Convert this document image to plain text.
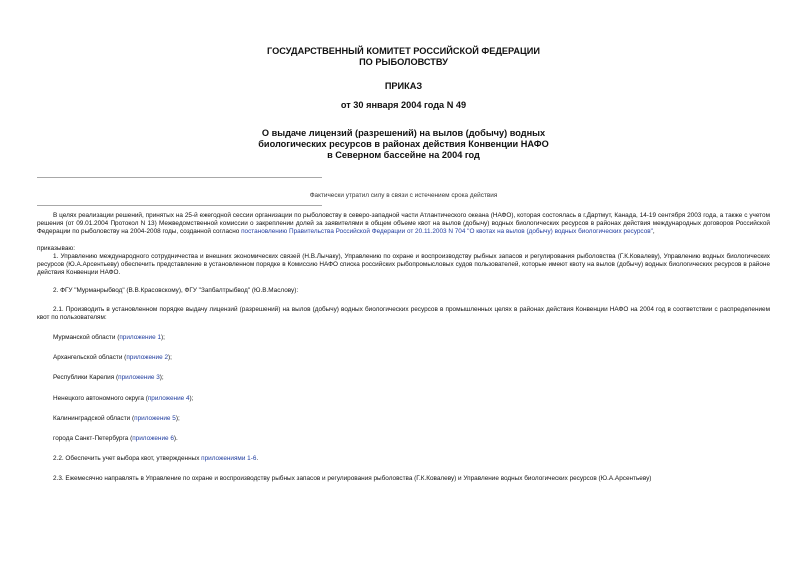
ГОСУДАРСТВЕННЫЙ КОМИТЕТ РОССИЙСКОЙ ФЕДЕРАЦИИ
ПО РЫБОЛОВСТВУ
ПРИКАЗ
от 30 января 2004 года N 49
О выдаче лицензий (разрешений) на вылов (добычу) водных
биологических ресурсов в районах действия Конвенции НАФО
в Северном бассейне на 2004 год
Фактически утратил силу в связи с истечением срока действия

В целях реализации решений, принятых на 25-й ежегодной сессии организации по рыболовству в северо-западной части Атлантического океана (НАФО), которая состоялась в г.Дартмут, Канада, 14-19 сентября 2003 года, а также с учетом решения (от 09.01.2004 Протокол N 13) Межведомственной комиссии о закреплении долей за заявителями в общем объеме квот на вылов (добычу) водных биологических ресурсов в районах действия международных договоров Российской Федерации по рыболовству на 2004-2008 годы, созданной согласно постановлению Правительства Российской Федерации от 20.11.2003 N 704 "О квотах на вылов (добычу) водных биологических ресурсов",

приказываю:

1. Управлению международного сотрудничества и внешних экономических связей (Н.В.Лычаку), Управлению по охране и воспроизводству рыбных запасов и регулирования рыболовства (Г.К.Ковалеву), Управлению водных биологических ресурсов (Ю.А.Арсентьеву) обеспечить представление в установленном порядке в Комиссию НАФО списка российских рыбопромысловых судов пользователей, которые имеют квоту на вылов (добычу) водных биологических ресурсов в районе действия Конвенции НАФО.

2. ФГУ "Мурманрыбвод" (В.В.Красовскому), ФГУ "Запбалтрыбвод" (Ю.В.Маслову):

2.1. Производить в установленном порядке выдачу лицензий (разрешений) на вылов (добычу) водных биологических ресурсов в промышленных целях в районах действия Конвенции НАФО на 2004 год в соответствии с распределением квот по пользователям:

Мурманской области (приложение 1);

Архангельской области (приложение 2);

Республики Карелия (приложение 3);

Ненецкого автономного округа (приложение 4);

Калининградской области (приложение 5);

города Санкт-Петербурга (приложение 6).

2.2. Обеспечить учет выбора квот, утвержденных приложениями 1-6.

2.3. Ежемесячно направлять в Управление по охране и воспроизводству рыбных запасов и регулирования рыболовства (Г.К.Ковалеву) и Управление водных биологических ресурсов (Ю.А.Арсентьеву)
